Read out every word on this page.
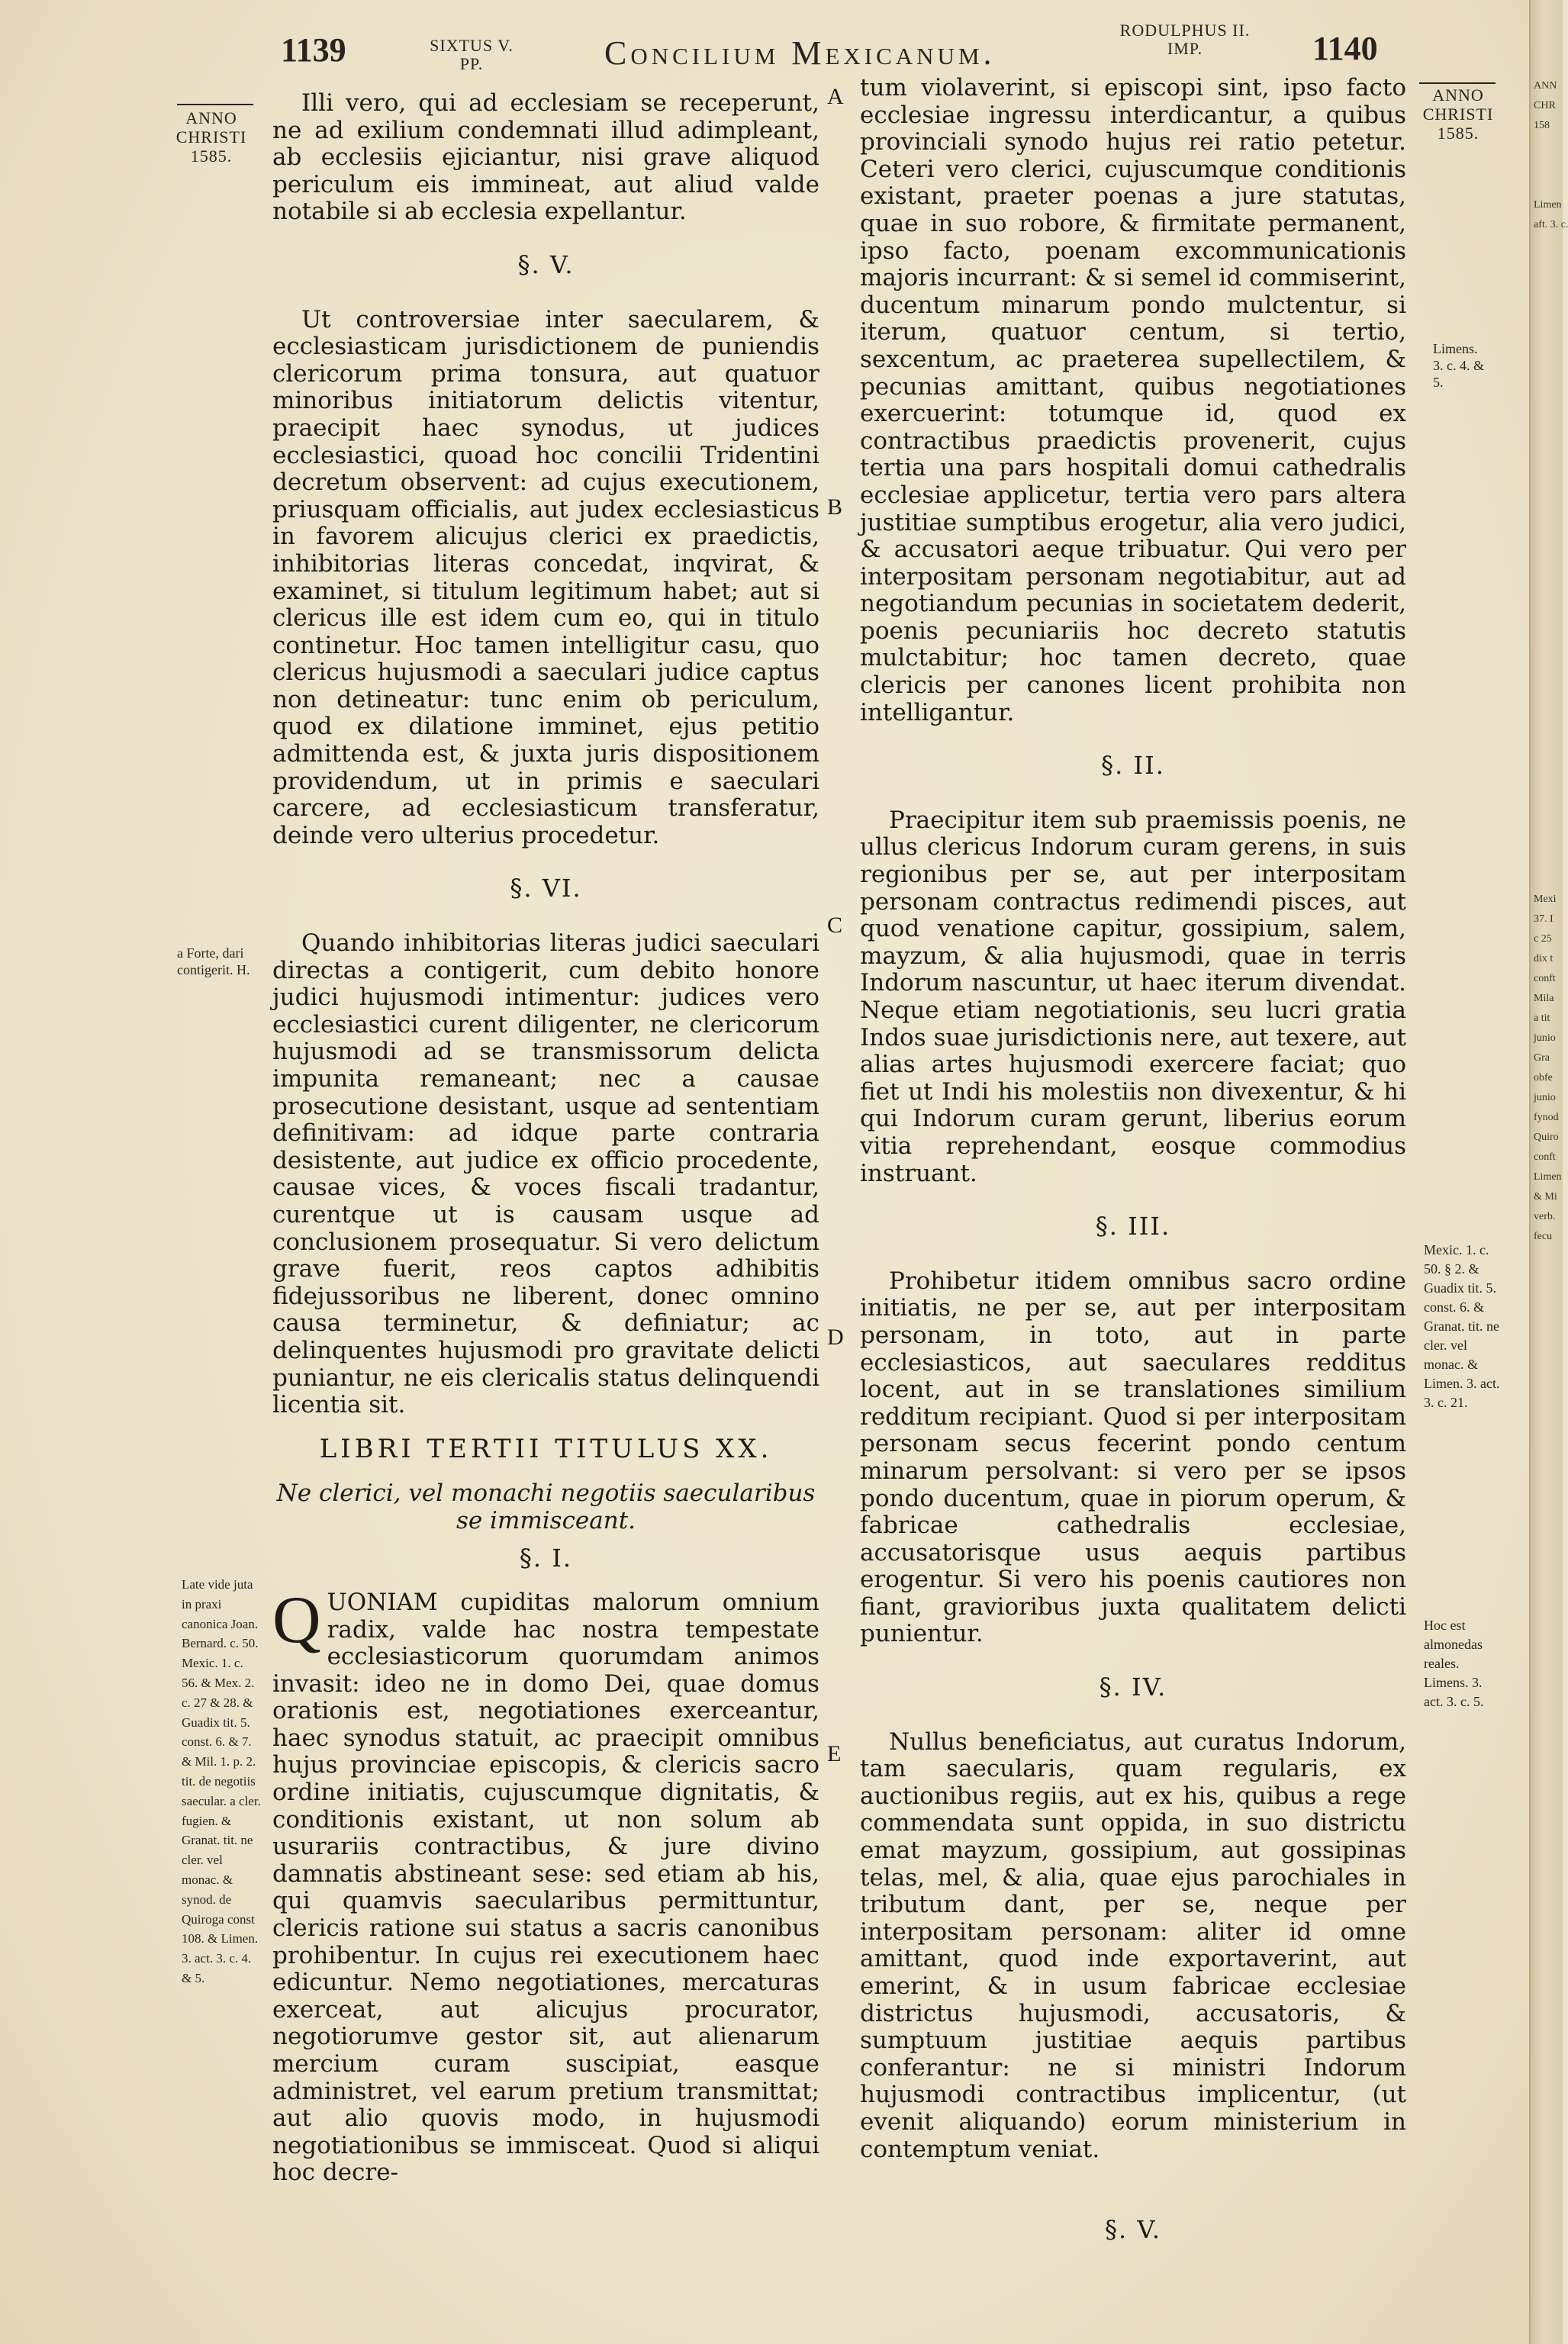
1139	SIXTUS V.
PP.	Concilium Mexicanum.
RODULPHUS II.
IMP.	1140
ANNO
CHRISTI
1585.
ANNO
CHRISTI
1585.
a Forte, dari contigerit. H.
Late vide juta in praxi canonica Joan. Bernard. c. 50. Mexic. 1. c. 56. & Mex. 2. c. 27 & 28. & Guadix tit. 5. const. 6. & 7. & Mil. 1. p. 2. tit. de negotiis saecular. a cler. fugien. & Granat. tit. ne cler. vel monac. & synod. de Quiroga const 108. & Limen. 3. act. 3. c. 4. & 5.
Limens. 3. c. 4. & 5.
Mexic. 1. c. 50. § 2. & Guadix tit. 5. const. 6. & Granat. tit. ne cler. vel monac. & Limen. 3. act. 3. c. 21.
Hoc est almonedas reales. Limens. 3. act. 3. c. 5.
A
B
C
D
E

Illi vero, qui ad ecclesiam se receperunt, ne ad exilium condemnati illud adimpleant, ab ecclesiis ejiciantur, nisi grave aliquod periculum eis immineat, aut aliud valde notabile si ab ecclesia expellantur.

§. V.

Ut controversiae inter saecularem, & ecclesiasticam jurisdictionem de puniendis clericorum prima tonsura, aut quatuor minoribus initiatorum delictis vitentur, praecipit haec synodus, ut judices ecclesiastici, quoad hoc concilii Tridentini decretum observent: ad cujus executionem, priusquam officialis, aut judex ecclesiasticus in favorem alicujus clerici ex praedictis, inhibitorias literas concedat, inqvirat, & examinet, si titulum legitimum habet; aut si clericus ille est idem cum eo, qui in titulo continetur. Hoc tamen intelligitur casu, quo clericus hujusmodi a saeculari judice captus non detineatur: tunc enim ob periculum, quod ex dilatione imminet, ejus petitio admittenda est, & juxta juris dispositionem providendum, ut in primis e saeculari carcere, ad ecclesiasticum transferatur, deinde vero ulterius procedetur.

§. VI.

Quando inhibitorias literas judici saeculari directas a contigerit, cum debito honore judici hujusmodi intimentur: judices vero ecclesiastici curent diligenter, ne clericorum hujusmodi ad se transmissorum delicta impunita remaneant; nec a causae prosecutione desistant, usque ad sententiam definitivam: ad idque parte contraria desistente, aut judice ex officio procedente, causae vices, & voces fiscali tradantur, curentque ut is causam usque ad conclusionem prosequatur. Si vero delictum grave fuerit, reos captos adhibitis fidejussoribus ne liberent, donec omnino causa terminetur, & definiatur; ac delinquentes hujusmodi pro gravitate delicti puniantur, ne eis clericalis status delinquendi licentia sit.

LIBRI TERTII TITULUS XX.
Ne clerici, vel monachi negotiis saecularibus
se immisceant.
§. I.

QUONIAM cupiditas malorum omnium radix, valde hac nostra tempestate ecclesiasticorum quorumdam animos invasit: ideo ne in domo Dei, quae domus orationis est, negotiationes exerceantur, haec synodus statuit, ac praecipit omnibus hujus provinciae episcopis, & clericis sacro ordine initiatis, cujuscumque dignitatis, & conditionis existant, ut non solum ab usurariis contractibus, & jure divino damnatis abstineant sese: sed etiam ab his, qui quamvis saecularibus permittuntur, clericis ratione sui status a sacris canonibus prohibentur. In cujus rei executionem haec edicuntur. Nemo negotiationes, mercaturas exerceat, aut alicujus procurator, negotiorumve gestor sit, aut alienarum mercium curam suscipiat, easque administret, vel earum pretium transmittat; aut alio quovis modo, in hujusmodi negotiationibus se immisceat. Quod si aliqui hoc decre-

tum violaverint, si episcopi sint, ipso facto ecclesiae ingressu interdicantur, a quibus provinciali synodo hujus rei ratio petetur. Ceteri vero clerici, cujuscumque conditionis existant, praeter poenas a jure statutas, quae in suo robore, & firmitate permanent, ipso facto, poenam excommunicationis majoris incurrant: & si semel id commiserint, ducentum minarum pondo mulctentur, si iterum, quatuor centum, si tertio, sexcentum, ac praeterea supellectilem, & pecunias amittant, quibus negotiationes exercuerint: totumque id, quod ex contractibus praedictis provenerit, cujus tertia una pars hospitali domui cathedralis ecclesiae applicetur, tertia vero pars altera justitiae sumptibus erogetur, alia vero judici, & accusatori aeque tribuatur. Qui vero per interpositam personam negotiabitur, aut ad negotiandum pecunias in societatem dederit, poenis pecuniariis hoc decreto statutis mulctabitur; hoc tamen decreto, quae clericis per canones licent prohibita non intelligantur.

§. II.

Praecipitur item sub praemissis poenis, ne ullus clericus Indorum curam gerens, in suis regionibus per se, aut per interpositam personam contractus redimendi pisces, aut quod venatione capitur, gossipium, salem, mayzum, & alia hujusmodi, quae in terris Indorum nascuntur, ut haec iterum divendat. Neque etiam negotiationis, seu lucri gratia Indos suae jurisdictionis nere, aut texere, aut alias artes hujusmodi exercere faciat; quo fiet ut Indi his molestiis non divexentur, & hi qui Indorum curam gerunt, liberius eorum vitia reprehendant, eosque commodius instruant.

§. III.

Prohibetur itidem omnibus sacro ordine initiatis, ne per se, aut per interpositam personam, in toto, aut in parte ecclesiasticos, aut saeculares redditus locent, aut in se translationes similium redditum recipiant. Quod si per interpositam personam secus fecerint pondo centum minarum persolvant: si vero per se ipsos pondo ducentum, quae in piorum operum, & fabricae cathedralis ecclesiae, accusatorisque usus aequis partibus erogentur. Si vero his poenis cautiores non fiant, gravioribus juxta qualitatem delicti punientur.

§. IV.

Nullus beneficiatus, aut curatus Indorum, tam saecularis, quam regularis, ex auctionibus regiis, aut ex his, quibus a rege commendata sunt oppida, in suo districtu emat mayzum, gossipium, aut gossipinas telas, mel, & alia, quae ejus parochiales in tributum dant, per se, neque per interpositam personam: aliter id omne amittant, quod inde exportaverint, aut emerint, & in usum fabricae ecclesiae districtus hujusmodi, accusatoris, & sumptuum justitiae aequis partibus conferantur: ne si ministri Indorum hujusmodi contractibus implicentur, (ut evenit aliquando) eorum ministerium in contemptum veniat.

§. V.
ANN
CHR
158

Limen
aft. 3. c.

Mexi
37. I
c 25
dix t
conft
Mila
a tit
junio
Gra
obfe
junio
fynod
Quiro
conft
Limen
& Mi
verb.
fecu
